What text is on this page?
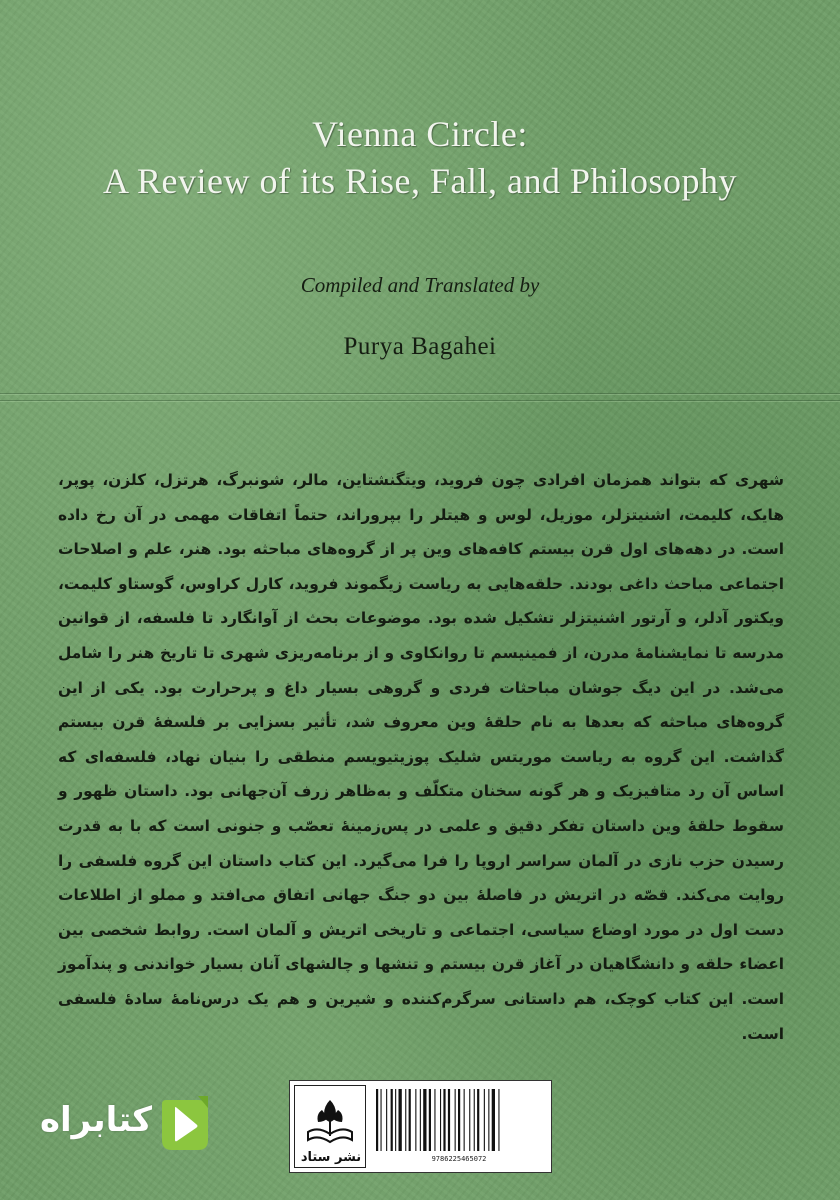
Vienna Circle:
A Review of its Rise, Fall, and Philosophy
Compiled and Translated by
Purya Bagahei
شهری که بتواند همزمان افرادی چون فروید، ویتگنشتاین، مالر، شونبرگ، هرتزل، کلزن، پوپر، هایک، کلیمت، اشنیتزلر، موزیل، لوس و هیتلر را بپروراند، حتماً اتفاقات مهمی در آن رخ داده است. در دهه‌های اول قرن بیستم کافه‌های وین پر از گروه‌های مباحثه بود. هنر، علم و اصلاحات اجتماعی مباحث داغی بودند. حلقه‌هایی به ریاست زیگموند فروید، کارل کراوس، گوستاو کلیمت، ویکتور آدلر، و آرتور اشنیتزلر تشکیل شده بود. موضوعات بحث از آوانگارد تا فلسفه، از قوانین مدرسه تا نمایشنامهٔ مدرن، از فمینیسم تا روانکاوی و از برنامه‌ریزی شهری تا تاریخ هنر را شامل می‌شد. در این دیگ جوشان مباحثات فردی و گروهی بسیار داغ و پرحرارت بود. یکی از این گروه‌های مباحثه که بعدها به نام حلقهٔ وین معروف شد، تأثیر بسزایی بر فلسفهٔ قرن بیستم گذاشت. این گروه به ریاست موریتس شلیک پوزیتیویسم منطقی را بنیان نهاد، فلسفه‌ای که اساس آن رد متافیزیک و هر گونه سخنان متکلّف و به‌ظاهر زرف آن‌جهانی بود. داستان ظهور و سقوط حلقهٔ وین داستان تفکر دقیق و علمی در پس‌زمینهٔ تعصّب و جنونی است که با به قدرت رسیدن حزب نازی در آلمان سراسر اروپا را فرا می‌گیرد. این کتاب داستان این گروه فلسفی را روایت می‌کند. قصّه در اتریش در فاصلهٔ بین دو جنگ جهانی اتفاق می‌افتد و مملو از اطلاعات دست اول در مورد اوضاع سیاسی، اجتماعی و تاریخی اتریش و آلمان است. روابط شخصی بین اعضاء حلقه و دانشگاهیان در آغاز قرن بیستم و تنشها و چالشهای آنان بسیار خواندنی و پندآموز است. این کتاب کوچک، هم داستانی سرگرم‌کننده و شیرین و هم یک درس‌نامهٔ سادهٔ فلسفی است.
کتابراه
نشر ستاد	9786225465072
